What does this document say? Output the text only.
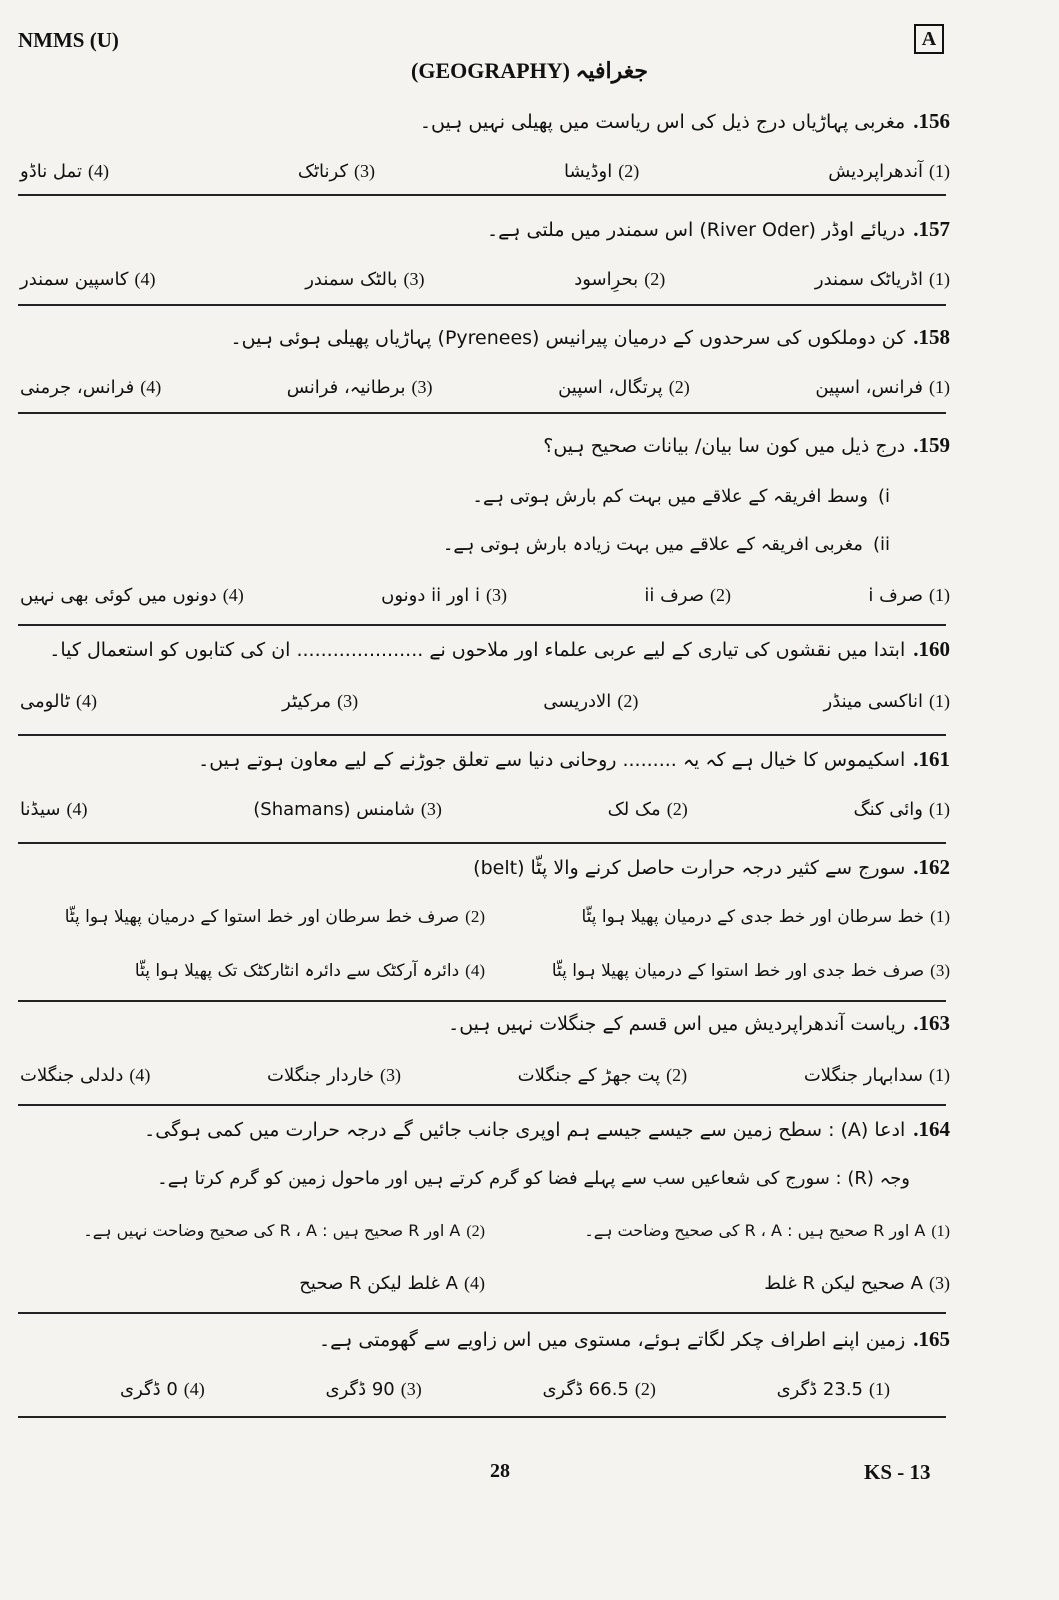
NMMS (U)	A
(GEOGRAPHY) جغرافیہ
156.مغربی پہاڑیاں درج ذیل کی اس ریاست میں پھیلی نہیں ہیں۔
(1)آندھراپردیش
(2)اوڈیشا
(3)کرناٹک
(4)تمل ناڈو
157.دریائے اوڈر (River Oder) اس سمندر میں ملتی ہے۔
(1)اڈریاٹک سمندر
(2)بحرِاسود
(3)بالٹک سمندر
(4)کاسپین سمندر
158.کن دوملکوں کی سرحدوں کے درمیان پیرانیس (Pyrenees) پہاڑیاں پھیلی ہوئی ہیں۔
(1)فرانس، اسپین
(2)پرتگال، اسپین
(3)برطانیہ، فرانس
(4)فرانس، جرمنی
159.درج ذیل میں کون سا بیان/ بیانات صحیح ہیں؟
i)وسط افریقہ کے علاقے میں بہت کم بارش ہوتی ہے۔
ii)مغربی افریقہ کے علاقے میں بہت زیادہ بارش ہوتی ہے۔
(1)صرف i
(2)صرف ii
(3)i اور ii دونوں
(4)دونوں میں کوئی بھی نہیں
160.ابتدا میں نقشوں کی تیاری کے لیے عربی علماء اور ملاحوں نے ..................... ان کی کتابوں کو استعمال کیا۔
(1)اناکسی مینڈر
(2)الادریسی
(3)مرکیٹر
(4)ٹالومی
161.اسکیموس کا خیال ہے کہ یہ ......... روحانی دنیا سے تعلق جوڑنے کے لیے معاون ہوتے ہیں۔
(1)وائی کنگ
(2)مک لک
(3)شامنس (Shamans)
(4)سیڈنا
162.سورج سے کثیر درجہ حرارت حاصل کرنے والا پٹّا (belt)
(1)خط سرطان اور خط جدی کے درمیان پھیلا ہوا پٹّا
(2)صرف خط سرطان اور خط استوا کے درمیان پھیلا ہوا پٹّا
(3)صرف خط جدی اور خط استوا کے درمیان پھیلا ہوا پٹّا
(4)دائرہ آرکٹک سے دائرہ انٹارکٹک تک پھیلا ہوا پٹّا
163.ریاست آندھراپردیش میں اس قسم کے جنگلات نہیں ہیں۔
(1)سدابہار جنگلات
(2)پت جھڑ کے جنگلات
(3)خاردار جنگلات
(4)دلدلی جنگلات
164.ادعا (A) : سطح زمین سے جیسے جیسے ہم اوپری جانب جائیں گے درجہ حرارت میں کمی ہوگی۔
وجہ (R) : سورج کی شعاعیں سب سے پہلے فضا کو گرم کرتے ہیں اور ماحول زمین کو گرم کرتا ہے۔
(1)A اور R صحیح ہیں : R ، A کی صحیح وضاحت ہے۔
(2)A اور R صحیح ہیں : R ، A کی صحیح وضاحت نہیں ہے۔
(3)A صحیح لیکن R غلط
(4)A غلط لیکن R صحیح
165.زمین اپنے اطراف چکر لگاتے ہوئے، مستوی میں اس زاویے سے گھومتی ہے۔
(1)23.5 ڈگری
(2)66.5 ڈگری
(3)90 ڈگری
(4)0 ڈگری
28	KS - 13
